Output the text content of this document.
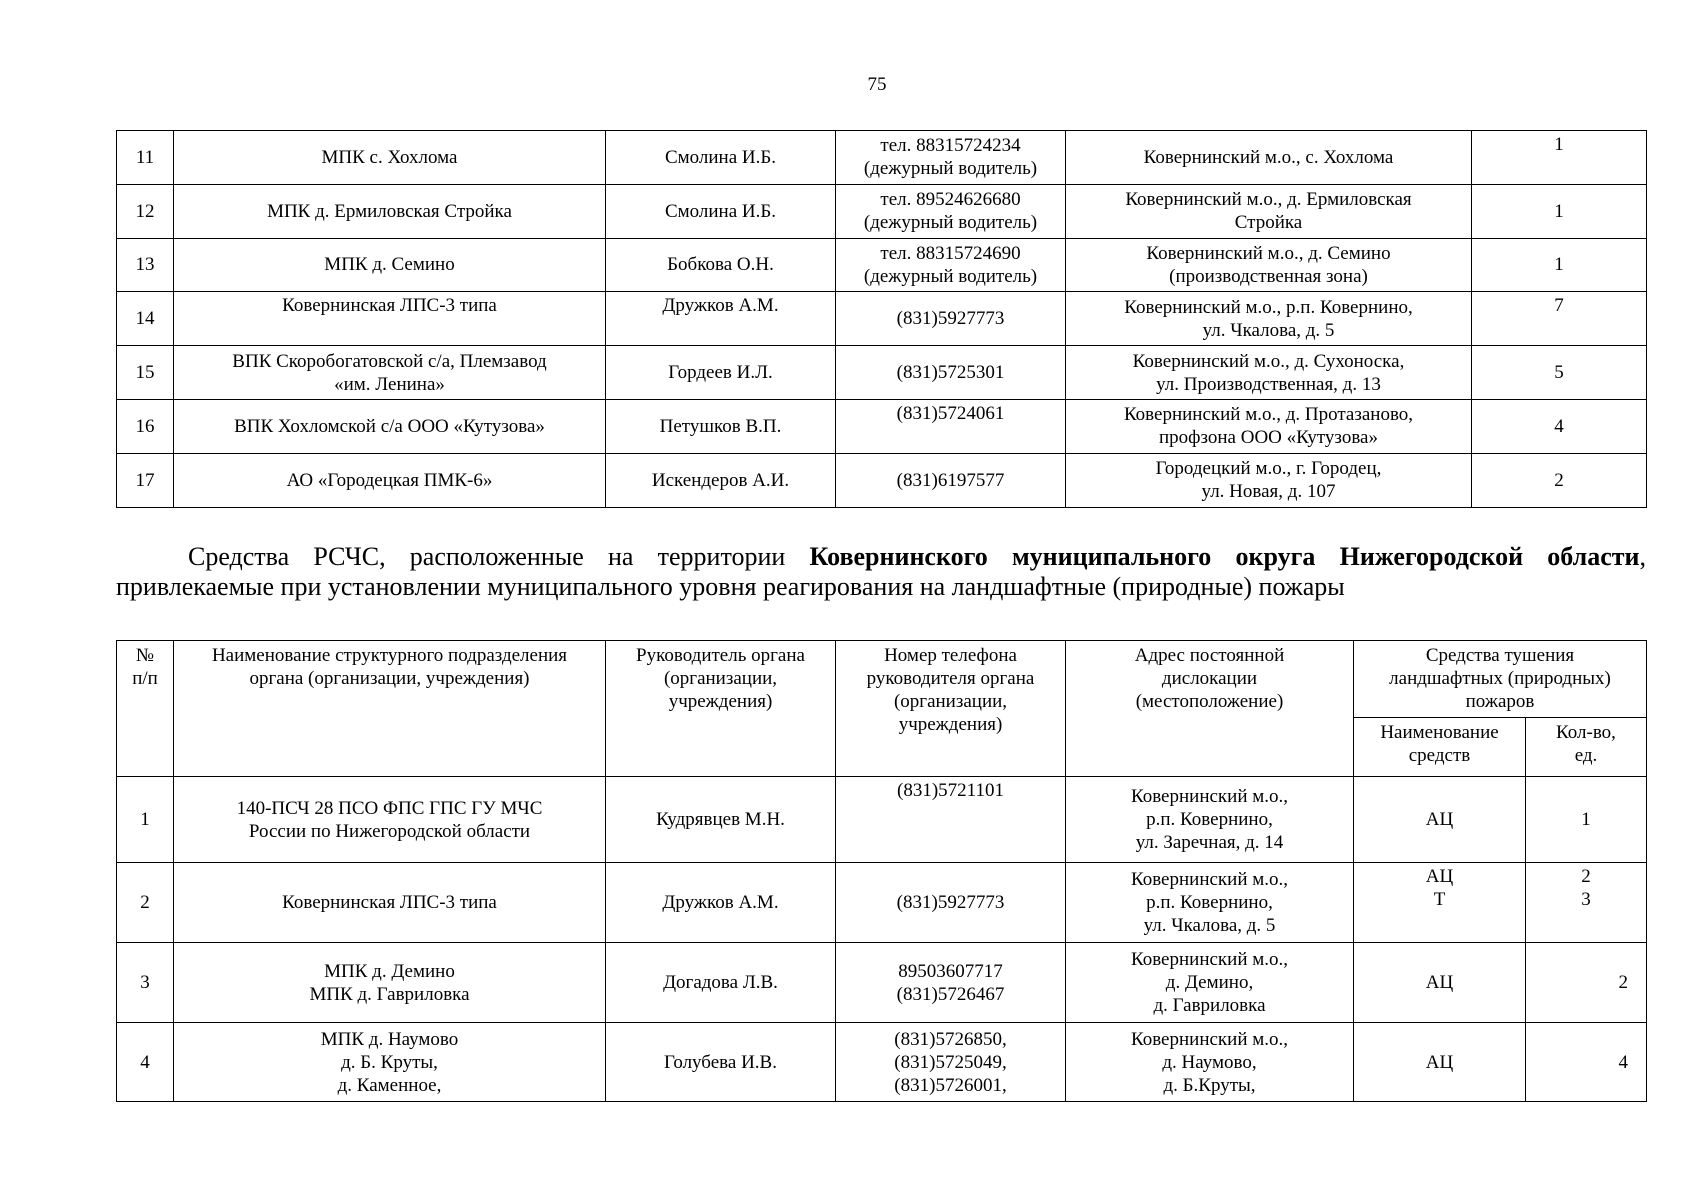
75
11	МПК с. Хохлома	Смолина И.Б.	тел. 88315724234
(дежурный водитель)	Ковернинский м.о., с. Хохлома	1
12	МПК д. Ермиловская Стройка	Смолина И.Б.	тел. 89524626680
(дежурный водитель)	Ковернинский м.о., д. Ермиловская
Стройка	1
13	МПК д. Семино	Бобкова О.Н.	тел. 88315724690
(дежурный водитель)	Ковернинский м.о., д. Семино
(производственная зона)	1
14	Ковернинская ЛПС-3 типа	Дружков А.М.	(831)5927773	Ковернинский м.о., р.п. Ковернино,
ул. Чкалова, д. 5	7
15	ВПК Скоробогатовской с/а, Племзавод
«им. Ленина»	Гордеев И.Л.	(831)5725301	Ковернинский м.о., д. Сухоноска,
ул. Производственная, д. 13	5
16	ВПК Хохломской с/а ООО «Кутузова»	Петушков В.П.	(831)5724061	Ковернинский м.о., д. Протазаново,
профзона ООО «Кутузова»	4
17	АО «Городецкая ПМК-6»	Искендеров А.И.	(831)6197577	Городецкий м.о., г. Городец,
ул. Новая, д. 107	2
Средства РСЧС, расположенные на территории Ковернинского муниципального округа Нижегородской области,
привлекаемые при установлении муниципального уровня реагирования на ландшафтные (природные) пожары
№
п/п	Наименование структурного подразделения
органа (организации, учреждения)	Руководитель органа
(организации,
учреждения)	Номер телефона
руководителя органа
(организации,
учреждения)	Адрес постоянной
дислокации
(местоположение)	Средства тушения
ландшафтных (природных)
пожаров	
					Наименование
средств	Кол-во,
ед.
1	140-ПСЧ 28 ПСО ФПС ГПС ГУ МЧС
России по Нижегородской области	Кудрявцев М.Н.	(831)5721101	Ковернинский м.о.,
р.п. Ковернино,
ул. Заречная, д. 14	АЦ	1
2	Ковернинская ЛПС-3 типа	Дружков А.М.	(831)5927773	Ковернинский м.о.,
р.п. Ковернино,
ул. Чкалова, д. 5	АЦ
Т	2
3
3	МПК д. Демино
МПК д. Гавриловка	Догадова Л.В.	89503607717
(831)5726467	Ковернинский м.о.,
д. Демино,
д. Гавриловка	АЦ	2
4	МПК д. Наумово
д. Б. Круты,
д. Каменное,	Голубева И.В.	(831)5726850,
(831)5725049,
(831)5726001,	Ковернинский м.о.,
д. Наумово,
д. Б.Круты,	АЦ	4
